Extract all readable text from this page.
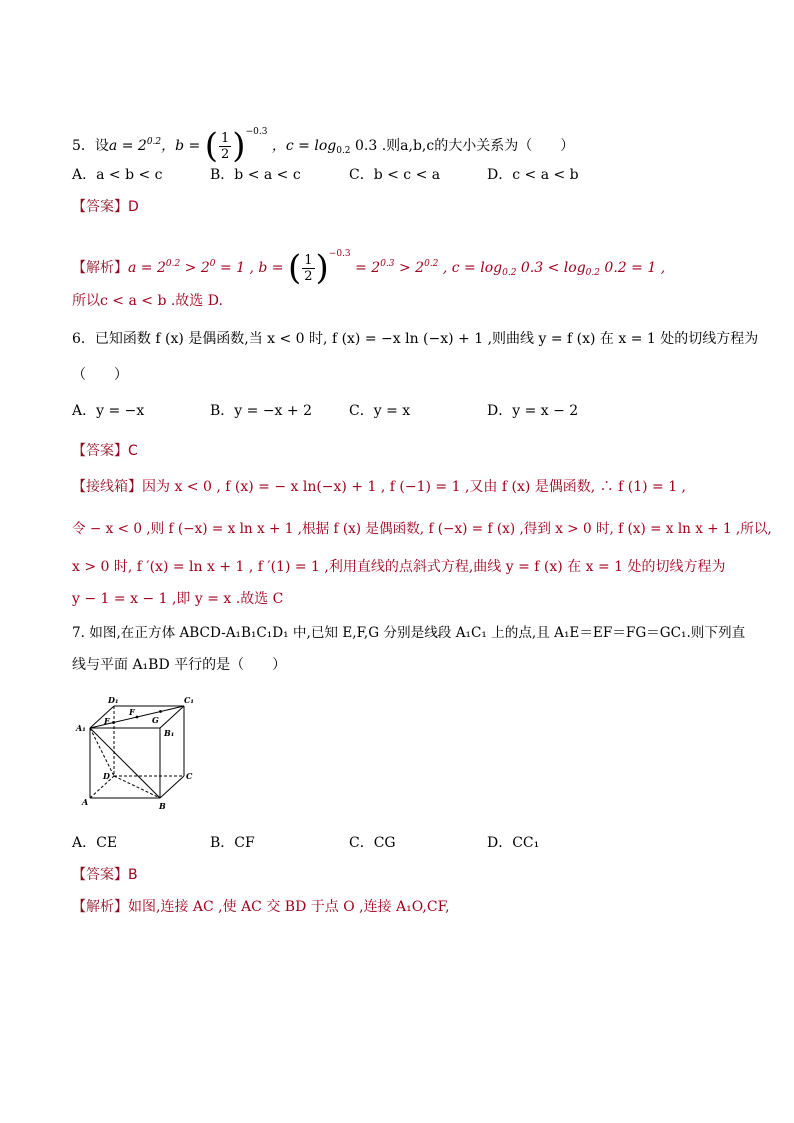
5．设$a = 2^{0.2}$，b = ( $\frac{1}{2} )^{-0.3}$ ，$c = \log_{0.2} 0.3$ .则a,b,c的大小关系为（　　）
A．a < b < c	B．b < a < c	C．b < c < a	D．c < a < b
【答案】D
【解析】$a = 2^{0.2} > 2^0 = 1$ , b = ( $\frac{1}{2} )^{-0.3} = 2^{0.3} > 2^{0.2}$ , $c = \log_{0.2} 0.3 < \log_{0.2} 0.2 = 1$ ,
所以c < a < b .故选 D.
6．已知函数 f (x) 是偶函数,当 x < 0 时, f (x) = −x ln (−x) + 1 ,则曲线 y = f (x) 在 x = 1 处的切线方程为
（　　）
A．y = −x	B．y = −x + 2	C．y = x	D．y = x − 2
【答案】C
【接线箱】因为 x < 0 , f (x) = − x ln(−x) + 1 , f (−1) = 1 ,又由 f (x) 是偶函数, ∴ f (1) = 1 ,
令 − x < 0 ,则 f (−x) = x ln x + 1 ,根据 f (x) 是偶函数, f (−x) = f (x) ,得到 x > 0 时, f (x) = x ln x + 1 ,所以,
x > 0 时, f ′(x) = ln x + 1 , f ′(1) = 1 ,利用直线的点斜式方程,曲线 y = f (x) 在 x = 1 处的切线方程为
y − 1 = x − 1 ,即 y = x .故选 C
7. 如图,在正方体 ABCD-A₁B₁C₁D₁ 中,已知 E,F,G 分别是线段 A₁C₁ 上的点,且 A₁E＝EF＝FG＝GC₁.则下列直
线与平面 A₁BD 平行的是（　　）
D₁	C₁
A₁	B₁
E
F
G
D	C
A	B
A．CE	B．CF	C．CG	D．CC₁
【答案】B
【解析】如图,连接 AC ,使 AC 交 BD 于点 O ,连接 A₁O,CF,
